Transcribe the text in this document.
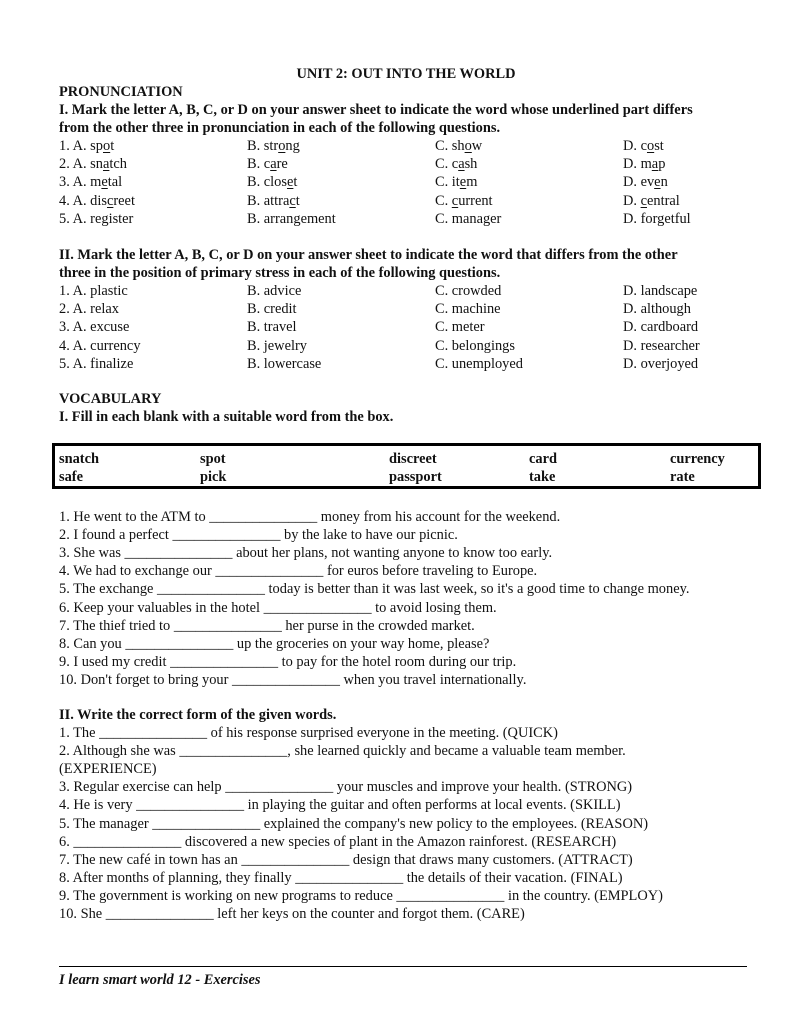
UNIT 2: OUT INTO THE WORLD
PRONUNCIATION
I. Mark the letter A, B, C, or D on your answer sheet to indicate the word whose underlined part differs
from the other three in pronunciation in each of the following questions.
1. A. spot	B. strong	C. show	D. cost
2. A. snatch	B. care	C. cash	D. map
3. A. metal	B. closet	C. item	D. even
4. A. discreet	B. attract	C. current	D. central
5. A. register	B. arrangement	C. manager	D. forgetful
II. Mark the letter A, B, C, or D on your answer sheet to indicate the word that differs from the other
three in the position of primary stress in each of the following questions.
1. A. plastic	B. advice	C. crowded	D. landscape
2. A. relax	B. credit	C. machine	D. although
3. A. excuse	B. travel	C. meter	D. cardboard
4. A. currency	B. jewelry	C. belongings	D. researcher
5. A. finalize	B. lowercase	C. unemployed	D. overjoyed
VOCABULARY
I. Fill in each blank with a suitable word from the box.
snatch	spot	discreet	card	currency
safe	pick	passport	take	rate
1. He went to the ATM to _______________ money from his account for the weekend.
2. I found a perfect _______________ by the lake to have our picnic.
3. She was _______________ about her plans, not wanting anyone to know too early.
4. We had to exchange our _______________ for euros before traveling to Europe.
5. The exchange _______________ today is better than it was last week, so it's a good time to change money.
6. Keep your valuables in the hotel _______________ to avoid losing them.
7. The thief tried to _______________ her purse in the crowded market.
8. Can you _______________ up the groceries on your way home, please?
9. I used my credit _______________ to pay for the hotel room during our trip.
10. Don't forget to bring your _______________ when you travel internationally.
II. Write the correct form of the given words.
1. The _______________ of his response surprised everyone in the meeting. (QUICK)
2. Although she was _______________, she learned quickly and became a valuable team member.
(EXPERIENCE)
3. Regular exercise can help _______________ your muscles and improve your health. (STRONG)
4. He is very _______________ in playing the guitar and often performs at local events. (SKILL)
5. The manager _______________ explained the company's new policy to the employees. (REASON)
6. _______________ discovered a new species of plant in the Amazon rainforest. (RESEARCH)
7. The new café in town has an _______________ design that draws many customers. (ATTRACT)
8. After months of planning, they finally _______________ the details of their vacation. (FINAL)
9. The government is working on new programs to reduce _______________ in the country. (EMPLOY)
10. She _______________ left her keys on the counter and forgot them. (CARE)
I learn smart world 12 - Exercises
